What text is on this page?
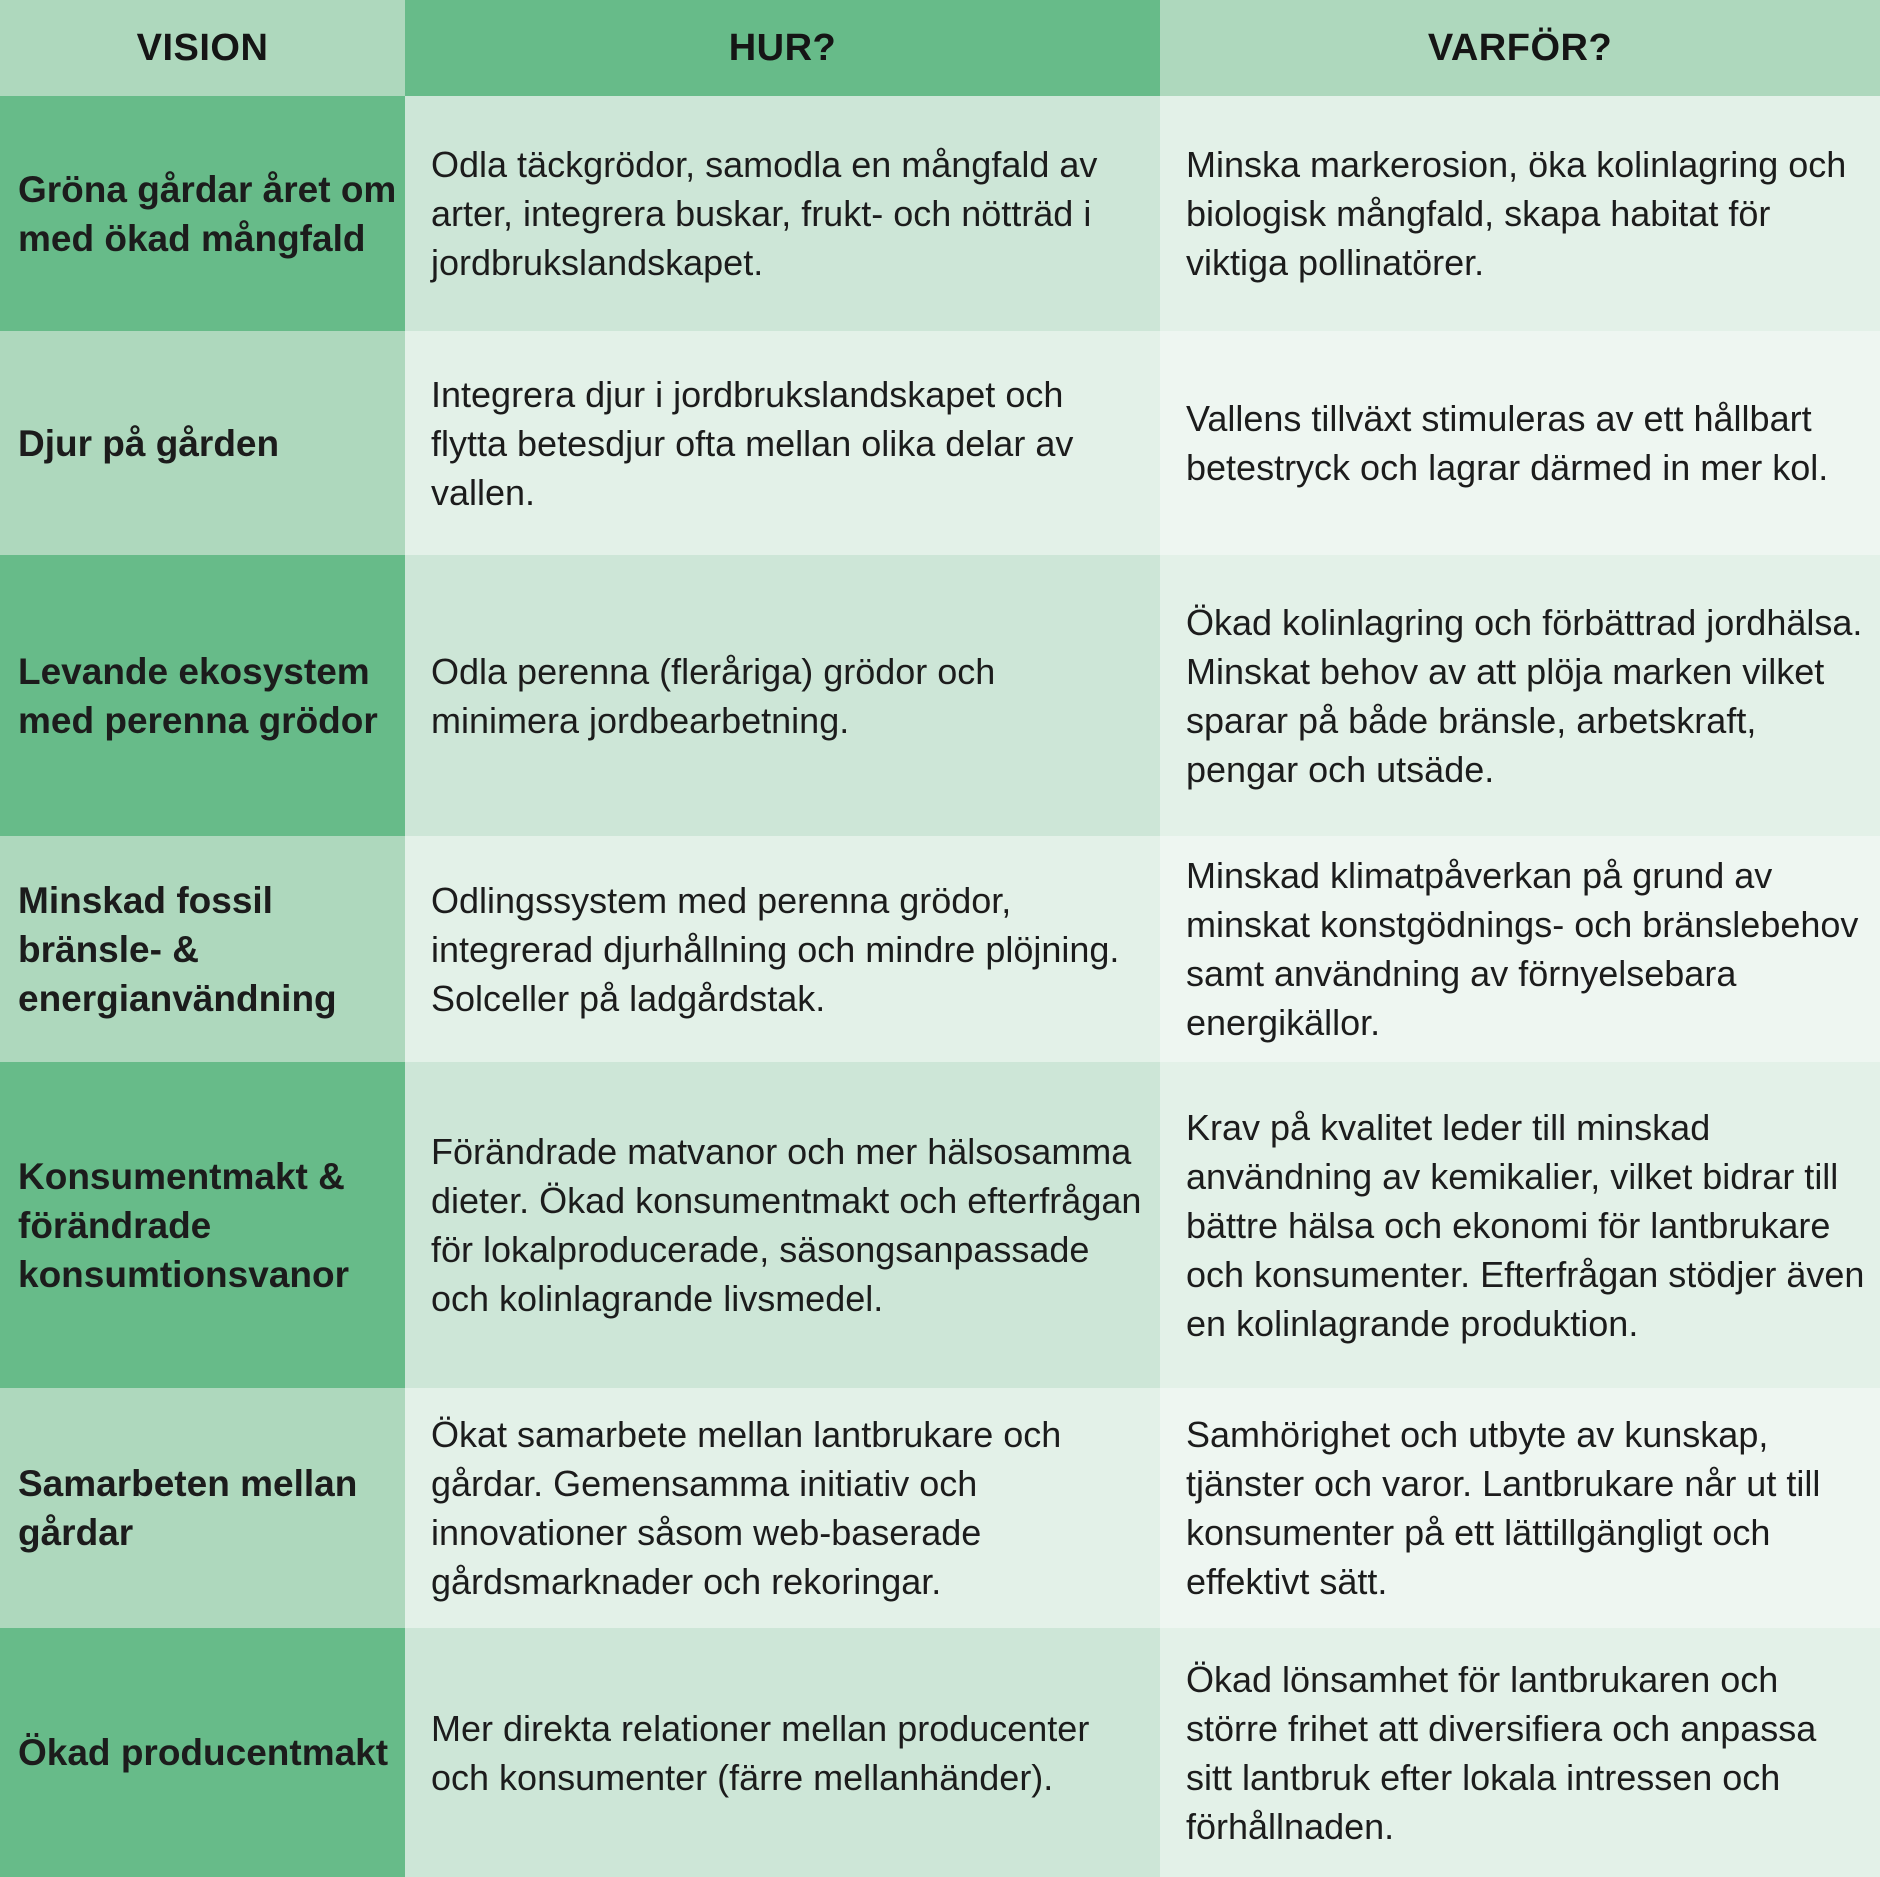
VISION	HUR?	VARFÖR?
Gröna gårdar året om med ökad mångfald
Odla täckgrödor, samodla en mångfald av arter, integrera buskar, frukt- och nötträd i jordbrukslandskapet.
Minska markerosion, öka kolinlagring och biologisk mångfald, skapa habitat för viktiga pollinatörer.
Djur på gården
Integrera djur i jordbrukslandskapet och flytta betesdjur ofta mellan olika delar av vallen.
Vallens tillväxt stimuleras av ett hållbart betestryck och lagrar därmed in mer kol.
Levande ekosystem med perenna grödor
Odla perenna (fleråriga) grödor och minimera jordbearbetning.
Ökad kolinlagring och förbättrad jordhälsa. Minskat behov av att plöja marken vilket sparar på både bränsle, arbetskraft, pengar och utsäde.
Minskad fossil bränsle- & energianvändning
Odlingssystem med perenna grödor, integrerad djurhållning och mindre plöjning. Solceller på ladgårdstak.
Minskad klimatpåverkan på grund av minskat konstgödnings- och bränslebehov samt användning av förnyelsebara energikällor.
Konsumentmakt & förändrade konsumtionsvanor
Förändrade matvanor och mer hälsosamma dieter. Ökad konsumentmakt och efterfrågan för lokalproducerade, säsongsanpassade och kolinlagrande livsmedel.
Krav på kvalitet leder till minskad användning av kemikalier, vilket bidrar till bättre hälsa och ekonomi för lantbrukare och konsumenter. Efterfrågan stödjer även en kolinlagrande produktion.
Samarbeten mellan gårdar
Ökat samarbete mellan lantbrukare och gårdar. Gemensamma initiativ och innovationer såsom web-baserade gårdsmarknader och rekoringar.
Samhörighet och utbyte av kunskap, tjänster och varor. Lantbrukare når ut till konsumenter på ett lättillgängligt och effektivt sätt.
Ökad producentmakt
Mer direkta relationer mellan producenter och konsumenter (färre mellanhänder).
Ökad lönsamhet för lantbrukaren och större frihet att diversifiera och anpassa sitt lantbruk efter lokala intressen och förhållnaden.
